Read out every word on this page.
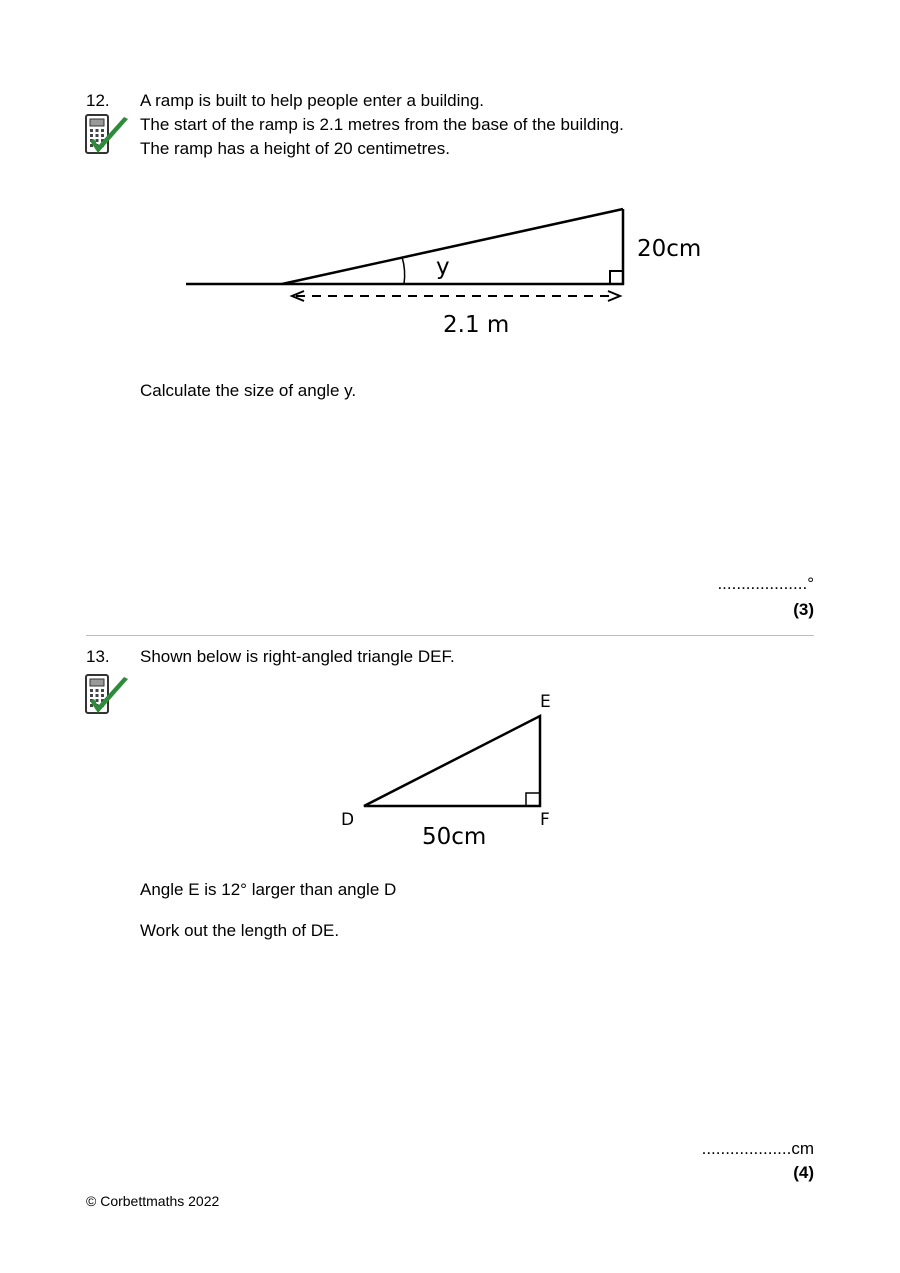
12. A ramp is built to help people enter a building.
The start of the ramp is 2.1 metres from the base of the building.
The ramp has a height of 20 centimetres.
20cm
y
2.1 m
Calculate the size of angle y.
...................°
(3)
13. Shown below is right-angled triangle DEF.
E
D	F
50cm
Angle E is 12° larger than angle D
Work out the length of DE.
...................cm
(4)
© Corbettmaths 2022
